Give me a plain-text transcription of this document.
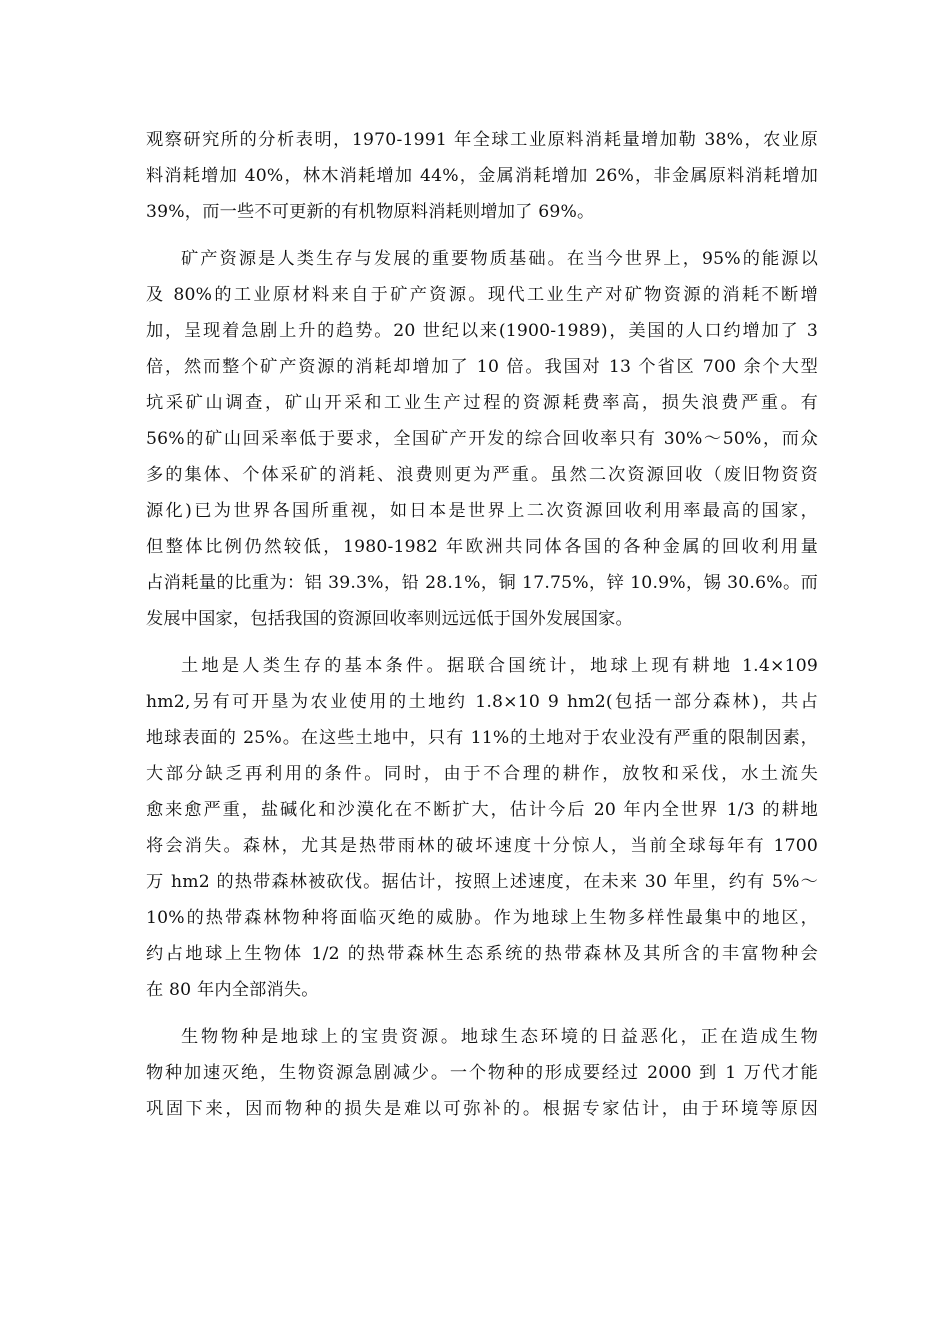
观察研究所的分析表明，1970-1991 年全球工业原料消耗量增加勒 38%，农业原
料消耗增加 40%，林木消耗增加 44%，金属消耗增加 26%，非金属原料消耗增加
39%，而一些不可更新的有机物原料消耗则增加了 69%。
矿产资源是人类生存与发展的重要物质基础。在当今世界上，95%的能源以
及 80%的工业原材料来自于矿产资源。现代工业生产对矿物资源的消耗不断增
加，呈现着急剧上升的趋势。20 世纪以来(1900-1989)，美国的人口约增加了 3
倍，然而整个矿产资源的消耗却增加了 10 倍。我国对 13 个省区 700 余个大型
坑采矿山调查，矿山开采和工业生产过程的资源耗费率高，损失浪费严重。有
56%的矿山回采率低于要求，全国矿产开发的综合回收率只有 30%～50%，而众
多的集体、个体采矿的消耗、浪费则更为严重。虽然二次资源回收（废旧物资资
源化)已为世界各国所重视，如日本是世界上二次资源回收利用率最高的国家，
但整体比例仍然较低，1980-1982 年欧洲共同体各国的各种金属的回收利用量
占消耗量的比重为：铝 39.3%，铅 28.1%，铜 17.75%，锌 10.9%，锡 30.6%。而
发展中国家，包括我国的资源回收率则远远低于国外发展国家。
土地是人类生存的基本条件。据联合国统计，地球上现有耕地 1.4×109
hm2,另有可开垦为农业使用的土地约 1.8×10 9 hm2(包括一部分森林)，共占
地球表面的 25%。在这些土地中，只有 11%的土地对于农业没有严重的限制因素，
大部分缺乏再利用的条件。同时，由于不合理的耕作，放牧和采伐，水土流失
愈来愈严重，盐碱化和沙漠化在不断扩大，估计今后 20 年内全世界 1/3 的耕地
将会消失。森林，尤其是热带雨林的破坏速度十分惊人，当前全球每年有 1700
万 hm2 的热带森林被砍伐。据估计，按照上述速度，在未来 30 年里，约有 5%～
10%的热带森林物种将面临灭绝的威胁。作为地球上生物多样性最集中的地区，
约占地球上生物体 1/2 的热带森林生态系统的热带森林及其所含的丰富物种会
在 80 年内全部消失。
生物物种是地球上的宝贵资源。地球生态环境的日益恶化，正在造成生物
物种加速灭绝，生物资源急剧减少。一个物种的形成要经过 2000 到 1 万代才能
巩固下来，因而物种的损失是难以可弥补的。根据专家估计，由于环境等原因
